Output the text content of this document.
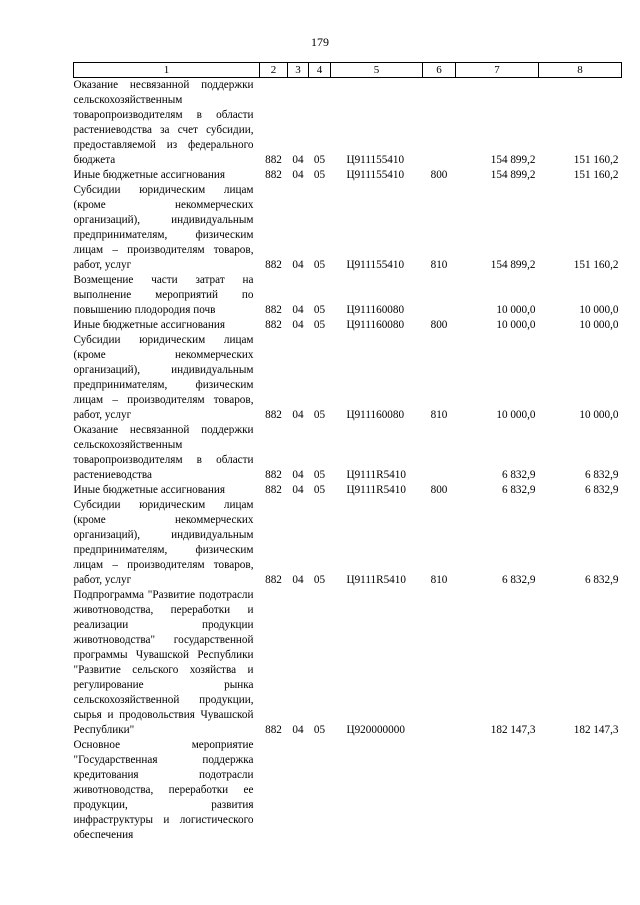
179
1	2	3	4	5	6	7	8
Оказание несвязанной поддержки сельскохозяйственным товаропроизводителям в области растениеводства за счет субсидии, предоставляемой из федерального бюджета	882	04	05	Ц911155410		154 899,2	151 160,2
Иные бюджетные ассигнования	882	04	05	Ц911155410	800	154 899,2	151 160,2
Субсидии юридическим лицам (кроме некоммерческих организаций), индивидуальным предпринимателям, физическим лицам – производителям товаров, работ, услуг	882	04	05	Ц911155410	810	154 899,2	151 160,2
Возмещение части затрат на выполнение мероприятий по повышению плодородия почв	882	04	05	Ц911160080		10 000,0	10 000,0
Иные бюджетные ассигнования	882	04	05	Ц911160080	800	10 000,0	10 000,0
Субсидии юридическим лицам (кроме некоммерческих организаций), индивидуальным предпринимателям, физическим лицам – производителям товаров, работ, услуг	882	04	05	Ц911160080	810	10 000,0	10 000,0
Оказание несвязанной поддержки сельскохозяйственным товаропроизводителям в области растениеводства	882	04	05	Ц9111R5410		6 832,9	6 832,9
Иные бюджетные ассигнования	882	04	05	Ц9111R5410	800	6 832,9	6 832,9
Субсидии юридическим лицам (кроме некоммерческих организаций), индивидуальным предпринимателям, физическим лицам – производителям товаров, работ, услуг	882	04	05	Ц9111R5410	810	6 832,9	6 832,9
Подпрограмма "Развитие подотрасли животноводства, переработки и реализации продукции животноводства" государственной программы Чувашской Республики "Развитие сельского хозяйства и регулирование рынка сельскохозяйственной продукции, сырья и продовольствия Чувашской Республики"	882	04	05	Ц920000000		182 147,3	182 147,3
Основное мероприятие "Государственная поддержка кредитования подотрасли животноводства, переработки ее продукции, развития инфраструктуры и логистического обеспечения							
